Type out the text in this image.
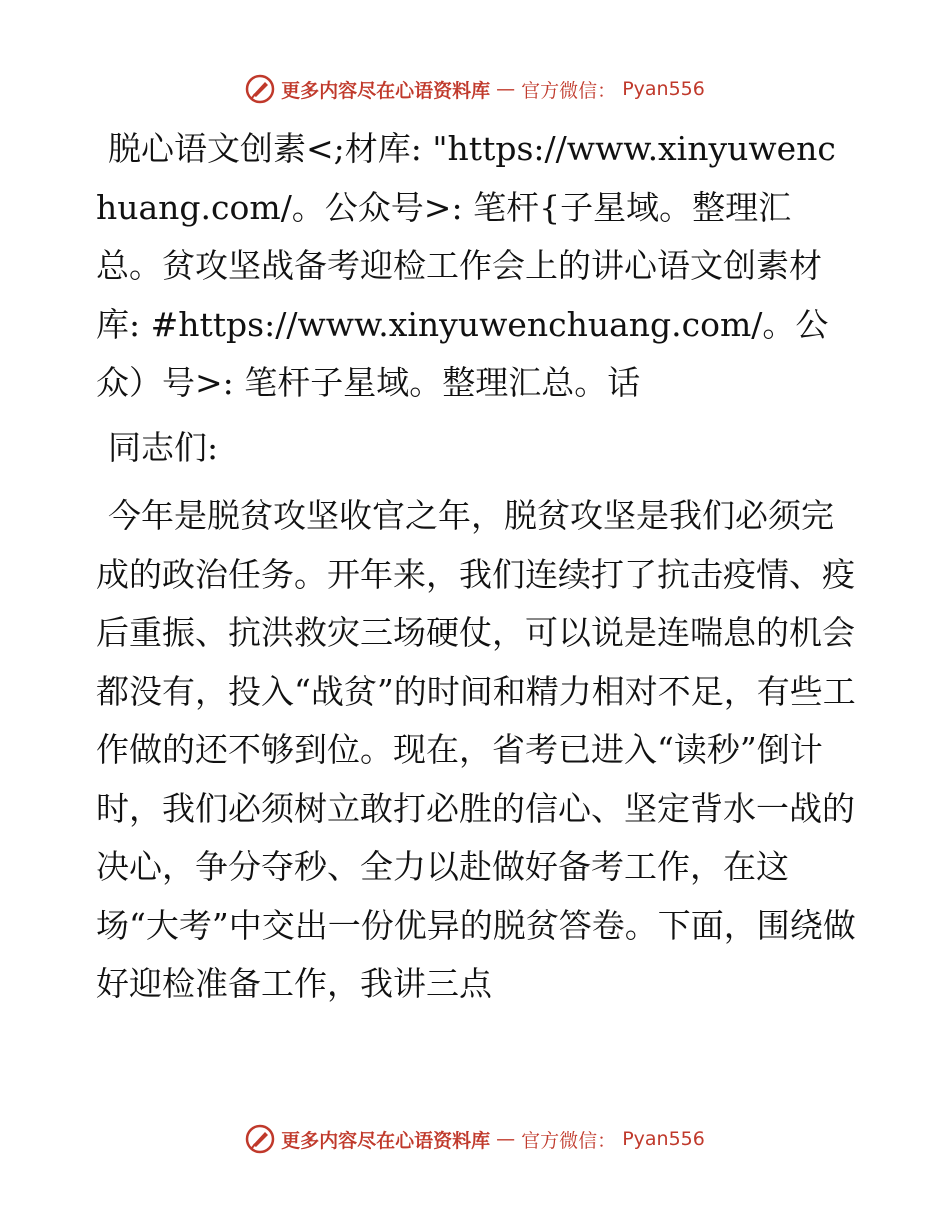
更多内容尽在心语资料库 — 官方微信： Pyan556

脱心语文创素<;材库: "https://www.xinyuwenchuang.com/。公众号>: 笔杆{子星域。整理汇总。贫攻坚战备考迎检工作会上的讲心语文创素材库: #https://www.xinyuwenchuang.com/。公众）号>: 笔杆子星域。整理汇总。话

同志们:

今年是脱贫攻坚收官之年，脱贫攻坚是我们必须完成的政治任务。开年来，我们连续打了抗击疫情、疫后重振、抗洪救灾三场硬仗，可以说是连喘息的机会都没有，投入“战贫”的时间和精力相对不足，有些工作做的还不够到位。现在，省考已进入“读秒”倒计时，我们必须树立敢打必胜的信心、坚定背水一战的决心，争分夺秒、全力以赴做好备考工作，在这场“大考”中交出一份优异的脱贫答卷。下面，围绕做好迎检准备工作，我讲三点

更多内容尽在心语资料库 — 官方微信： Pyan556
